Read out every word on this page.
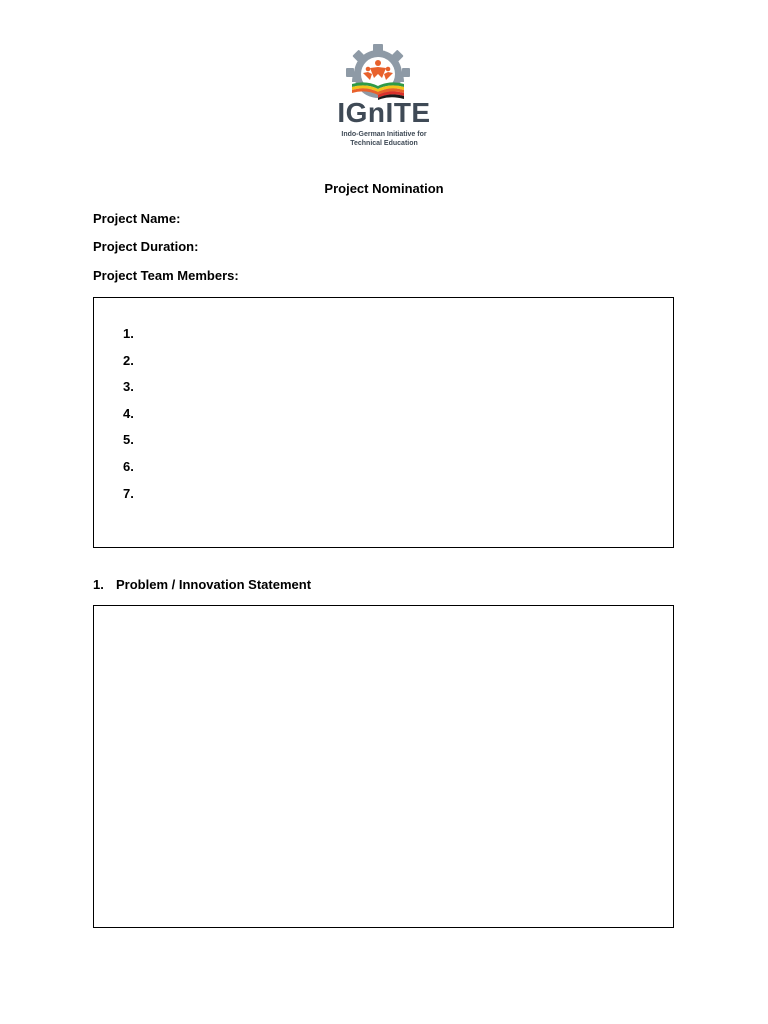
IGnITE
Indo-German Initiative for
Technical Education
Project Nomination
Project Name:
Project Duration:
Project Team Members:
1.
2.
3.
4.
5.
6.
7.
1. Problem / Innovation Statement
